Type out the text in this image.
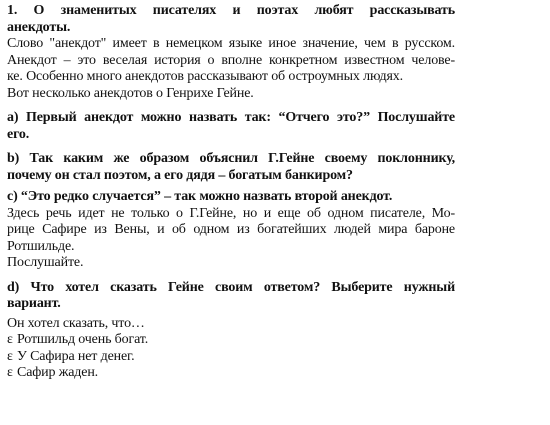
1. О знаменитых писателях и поэтах любят рассказывать
анекдоты.
Слово "анекдот" имеет в немецком языке иное значение, чем в русском.
Анекдот – это веселая история о вполне конкретном известном челове-
ке. Особенно много анекдотов рассказывают об остроумных людях.
Вот несколько анекдотов о Генрихе Гейне.
a) Первый анекдот можно назвать так: “Отчего это?” Послушайте
его.
b) Так каким же образом объяснил Г.Гейне своему поклоннику,
почему он стал поэтом, а его дядя – богатым банкиром?
c) “Это редко случается” – так можно назвать второй анекдот.
Здесь речь идет не только о Г.Гейне, но и еще об одном писателе, Мо-
рице Сафире из Вены, и об одном из богатейших людей мира бароне
Ротшильде.
Послушайте.
d) Что хотел сказать Гейне своим ответом? Выберите нужный
вариант.
Он хотел сказать, что…
ε Ротшильд очень богат.
ε У Сафира нет денег.
ε Сафир жаден.
